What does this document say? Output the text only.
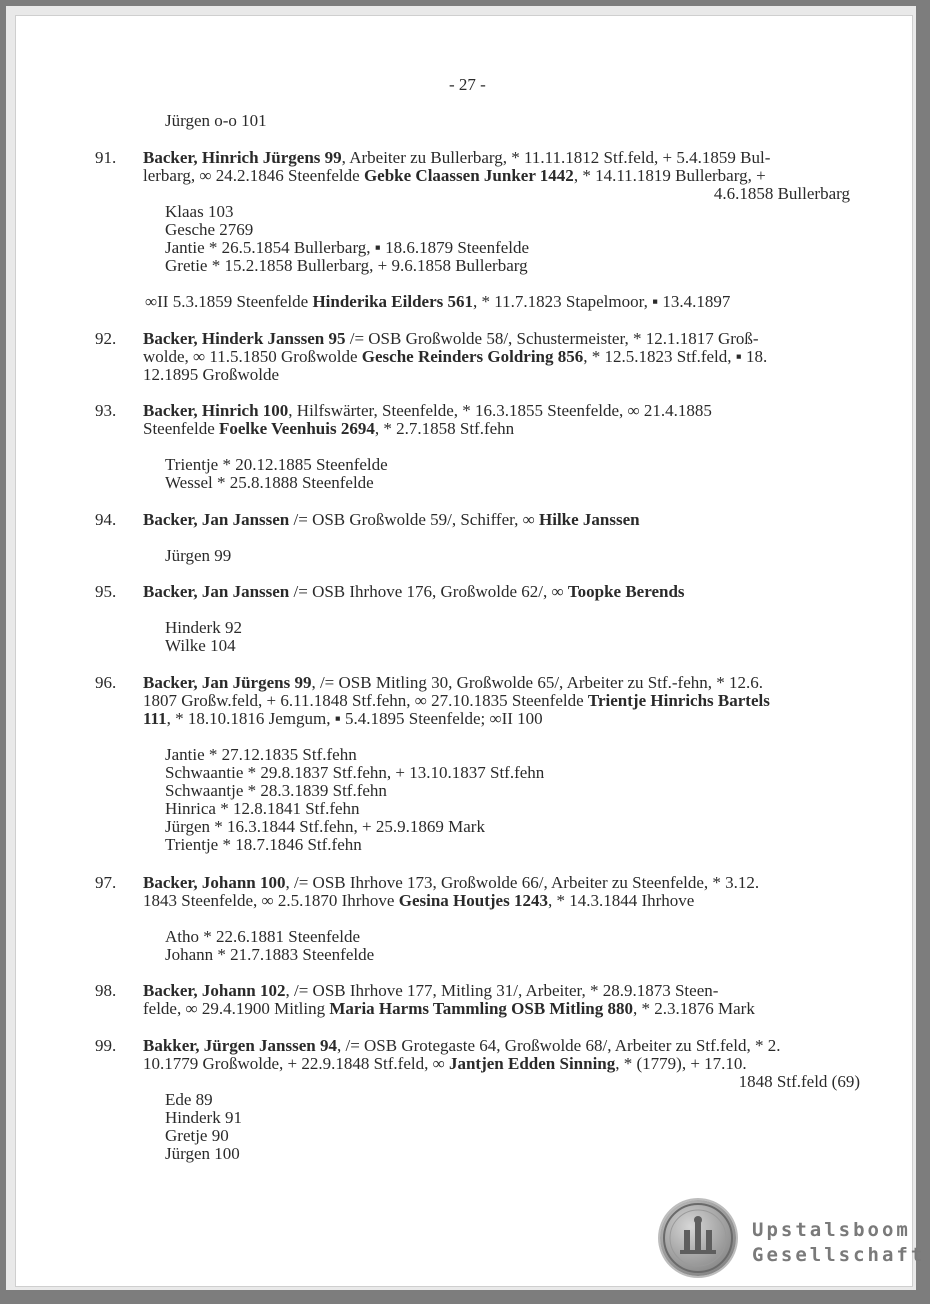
- 27 -
Jürgen o-o 101
91. Backer, Hinrich Jürgens 99, Arbeiter zu Bullerbarg, * 11.11.1812 Stf.feld, + 5.4.1859 Bul-
lerbarg, ∞ 24.2.1846 Steenfelde Gebke Claassen Junker 1442, * 14.11.1819 Bullerbarg, +
4.6.1858 Bullerbarg
Klaas 103
Gesche 2769
Jantie * 26.5.1854 Bullerbarg, ▪ 18.6.1879 Steenfelde
Gretie * 15.2.1858 Bullerbarg, + 9.6.1858 Bullerbarg
∞II 5.3.1859 Steenfelde Hinderika Eilders 561, * 11.7.1823 Stapelmoor, ▪ 13.4.1897
92. Backer, Hinderk Janssen 95 /= OSB Großwolde 58/, Schustermeister, * 12.1.1817 Groß-
wolde, ∞ 11.5.1850 Großwolde Gesche Reinders Goldring 856, * 12.5.1823 Stf.feld, ▪ 18.
12.1895 Großwolde
93. Backer, Hinrich 100, Hilfswärter, Steenfelde, * 16.3.1855 Steenfelde, ∞ 21.4.1885
Steenfelde Foelke Veenhuis 2694, * 2.7.1858 Stf.fehn
Trientje * 20.12.1885 Steenfelde
Wessel * 25.8.1888 Steenfelde
94. Backer, Jan Janssen /= OSB Großwolde 59/, Schiffer, ∞ Hilke Janssen
Jürgen 99
95. Backer, Jan Janssen /= OSB Ihrhove 176, Großwolde 62/, ∞ Toopke Berends
Hinderk 92
Wilke 104
96. Backer, Jan Jürgens 99, /= OSB Mitling 30, Großwolde 65/, Arbeiter zu Stf.-fehn, * 12.6.
1807 Großw.feld, + 6.11.1848 Stf.fehn, ∞ 27.10.1835 Steenfelde Trientje Hinrichs Bartels
111, * 18.10.1816 Jemgum, ▪ 5.4.1895 Steenfelde; ∞II 100
Jantie * 27.12.1835 Stf.fehn
Schwaantie * 29.8.1837 Stf.fehn, + 13.10.1837 Stf.fehn
Schwaantje * 28.3.1839 Stf.fehn
Hinrica * 12.8.1841 Stf.fehn
Jürgen * 16.3.1844 Stf.fehn, + 25.9.1869 Mark
Trientje * 18.7.1846 Stf.fehn
97. Backer, Johann 100, /= OSB Ihrhove 173, Großwolde 66/, Arbeiter zu Steenfelde, * 3.12.
1843 Steenfelde, ∞ 2.5.1870 Ihrhove Gesina Houtjes 1243, * 14.3.1844 Ihrhove
Atho * 22.6.1881 Steenfelde
Johann * 21.7.1883 Steenfelde
98. Backer, Johann 102, /= OSB Ihrhove 177, Mitling 31/, Arbeiter, * 28.9.1873 Steen-
felde, ∞ 29.4.1900 Mitling Maria Harms Tammling OSB Mitling 880, * 2.3.1876 Mark
99. Bakker, Jürgen Janssen 94, /= OSB Grotegaste 64, Großwolde 68/, Arbeiter zu Stf.feld, * 2.
10.1779 Großwolde, + 22.9.1848 Stf.feld, ∞ Jantjen Edden Sinning, * (1779), + 17.10.
1848 Stf.feld (69)
Ede 89
Hinderk 91
Gretje 90
Jürgen 100
Upstalsboom
Gesellschaft
